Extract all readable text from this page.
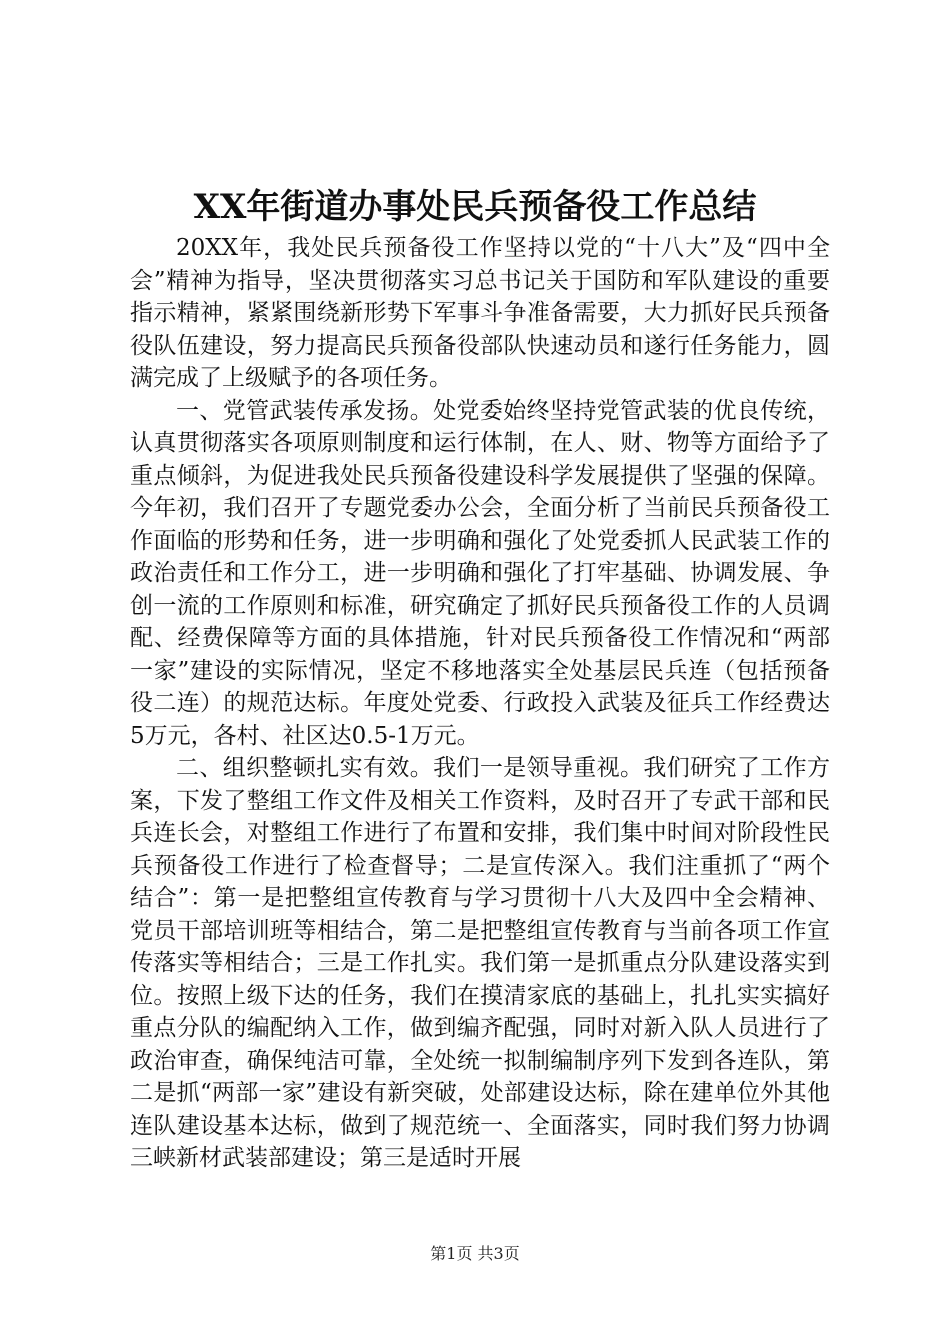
XX年街道办事处民兵预备役工作总结

20XX年，我处民兵预备役工作坚持以党的“十八大”及“四中全会”精神为指导，坚决贯彻落实习总书记关于国防和军队建设的重要指示精神，紧紧围绕新形势下军事斗争准备需要，大力抓好民兵预备役队伍建设，努力提高民兵预备役部队快速动员和遂行任务能力，圆满完成了上级赋予的各项任务。

一、党管武装传承发扬。处党委始终坚持党管武装的优良传统，认真贯彻落实各项原则制度和运行体制，在人、财、物等方面给予了重点倾斜，为促进我处民兵预备役建设科学发展提供了坚强的保障。今年初，我们召开了专题党委办公会，全面分析了当前民兵预备役工作面临的形势和任务，进一步明确和强化了处党委抓人民武装工作的政治责任和工作分工，进一步明确和强化了打牢基础、协调发展、争创一流的工作原则和标准，研究确定了抓好民兵预备役工作的人员调配、经费保障等方面的具体措施，针对民兵预备役工作情况和“两部一家”建设的实际情况，坚定不移地落实全处基层民兵连（包括预备役二连）的规范达标。年度处党委、行政投入武装及征兵工作经费达5万元，各村、社区达0.5-1万元。

二、组织整顿扎实有效。我们一是领导重视。我们研究了工作方案，下发了整组工作文件及相关工作资料，及时召开了专武干部和民兵连长会，对整组工作进行了布置和安排，我们集中时间对阶段性民兵预备役工作进行了检查督导；二是宣传深入。我们注重抓了“两个结合”：第一是把整组宣传教育与学习贯彻十八大及四中全会精神、党员干部培训班等相结合，第二是把整组宣传教育与当前各项工作宣传落实等相结合；三是工作扎实。我们第一是抓重点分队建设落实到位。按照上级下达的任务，我们在摸清家底的基础上，扎扎实实搞好重点分队的编配纳入工作，做到编齐配强，同时对新入队人员进行了政治审查，确保纯洁可靠，全处统一拟制编制序列下发到各连队，第二是抓“两部一家”建设有新突破，处部建设达标，除在建单位外其他连队建设基本达标，做到了规范统一、全面落实，同时我们努力协调三峡新材武装部建设；第三是适时开展

第1页 共3页
